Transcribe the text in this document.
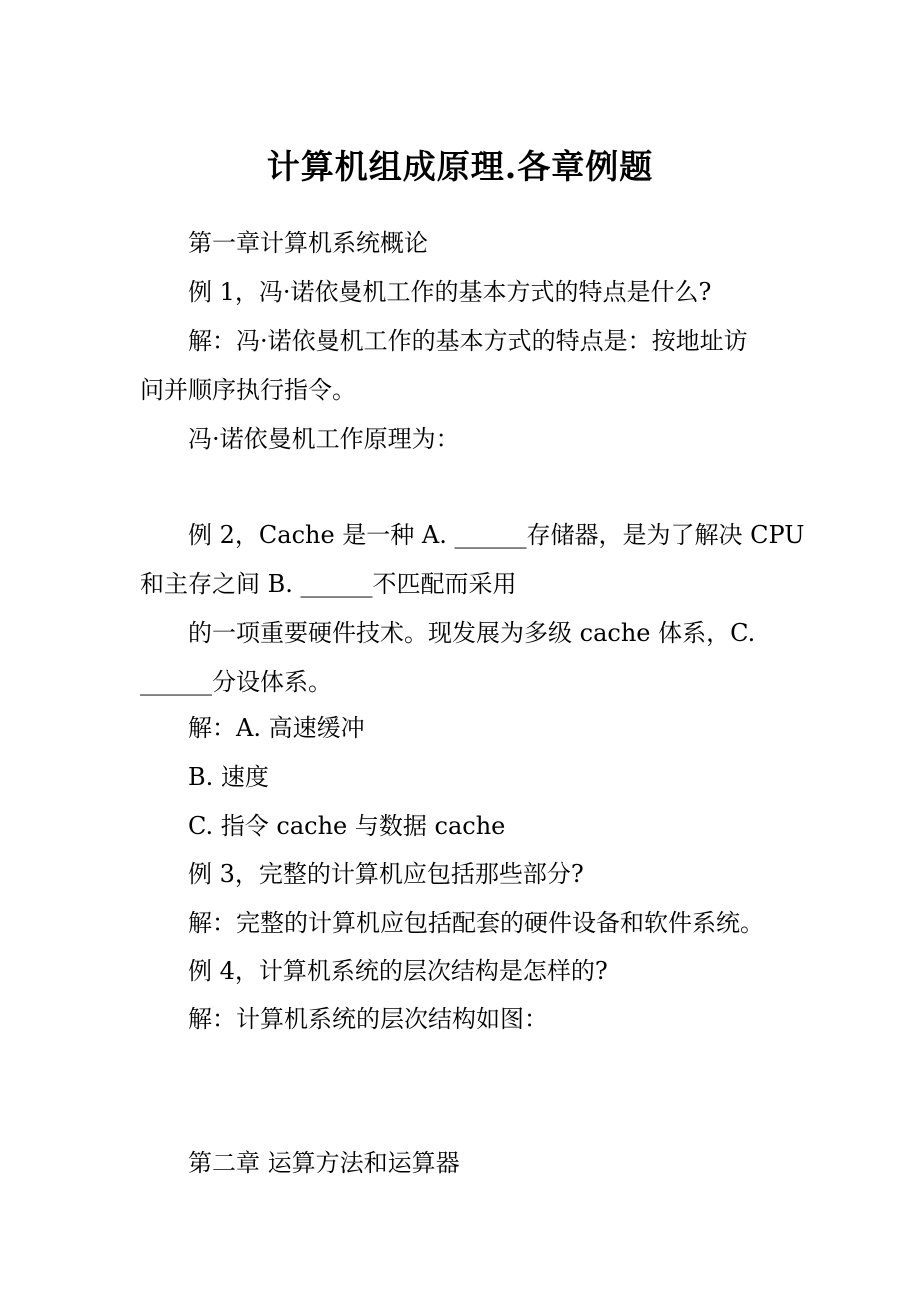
计算机组成原理.各章例题
第一章计算机系统概论
例 1，冯·诺依曼机工作的基本方式的特点是什么?
解：冯·诺依曼机工作的基本方式的特点是：按地址访
问并顺序执行指令。
冯·诺依曼机工作原理为：
例 2，Cache 是一种 A. ______存储器，是为了解决 CPU
和主存之间 B. ______不匹配而采用
的一项重要硬件技术。现发展为多级 cache 体系，C.
______分设体系。
解：A. 高速缓冲
B. 速度
C. 指令 cache 与数据 cache
例 3，完整的计算机应包括那些部分?
解：完整的计算机应包括配套的硬件设备和软件系统。
例 4，计算机系统的层次结构是怎样的?
解：计算机系统的层次结构如图：
第二章 运算方法和运算器
